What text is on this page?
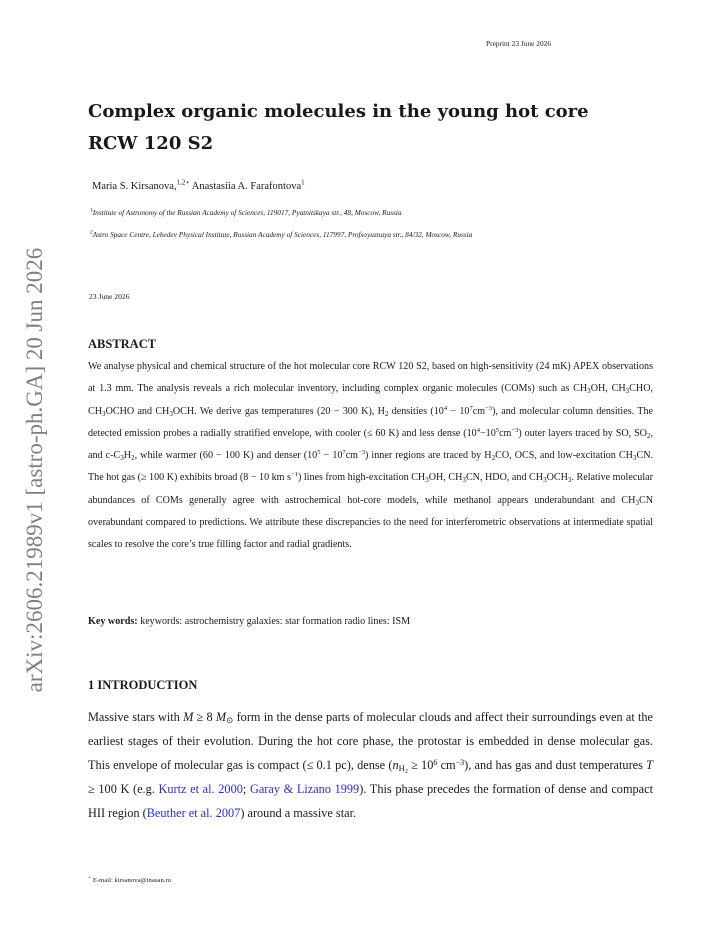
arXiv:2606.21989v1 [astro-ph.GA] 20 Jun 2026
Preprint 23 June 2026
Complex organic molecules in the young hot core
RCW 120 S2
Maria S. Kirsanova,$^{1,2⋆}$ Anastasiia A. Farafontova$^1$
$^1$Institute of Astronomy of the Russian Academy of Sciences, 119017, Pyatnitskaya str., 48, Moscow, Russia
$^2$Astro Space Centre, Lebedev Physical Institute, Russian Academy of Sciences, 117997, Profsoyuznaya str., 84/32, Moscow, Russia
23 June 2026
ABSTRACT
We analyse physical and chemical structure of the hot molecular core RCW 120 S2, based on high-sensitivity (24 mK) APEX observations at 1.3 mm. The analysis reveals a rich molecular inventory, including complex organic molecules (COMs) such as $CH_3OH$, $CH_3CHO$, $CH_3OCHO$ and $CH_3OCH$. We derive gas temperatures (20 − 300 K), $H_2$ densities $(10^4 - 10^7cm^{-3})$, and molecular column densities. The detected emission probes a radially stratified envelope, with cooler (≤ 60 K) and less dense $(10^4-10^5cm^{-3})$ outer layers traced by SO, $SO_2$, and $c-C_3H_2$, while warmer (60 − 100 K) and denser $(10^5 - 10^7cm^{-3})$ inner regions are traced by $H_2CO$, OCS, and low-excitation $CH_3CN$. The hot gas (≥ 100 K) exhibits broad (8 − 10 km $s^{-1}$) lines from high-excitation $CH_3OH$, $CH_3CN$, HDO, and $CH_3OCH_3$. Relative molecular abundances of COMs generally agree with astrochemical hot-core models, while methanol appears underabundant and $CH_3CN$ overabundant compared to predictions. We attribute these discrepancies to the need for interferometric observations at intermediate spatial scales to resolve the core’s true filling factor and radial gradients.
Key words: keywords: astrochemistry galaxies: star formation radio lines: ISM
1 INTRODUCTION
Massive stars with M ≥ 8 $M_⊙$ form in the dense parts of molecular clouds and affect their surroundings even at the earliest stages of their evolution. During the hot core phase, the protostar is embedded in dense molecular gas. This envelope of molecular gas is compact (≤ 0.1 pc), dense ($n_{H_2} \ge 10^6$ $cm^{-3}$), and has gas and dust temperatures T ≥ 100 K (e.g. Kurtz et al. 2000; Garay & Lizano 1999). This phase precedes the formation of dense and compact HII region (Beuther et al. 2007) around a massive star.
⋆ E-mail: kirsanova@inasan.ru
